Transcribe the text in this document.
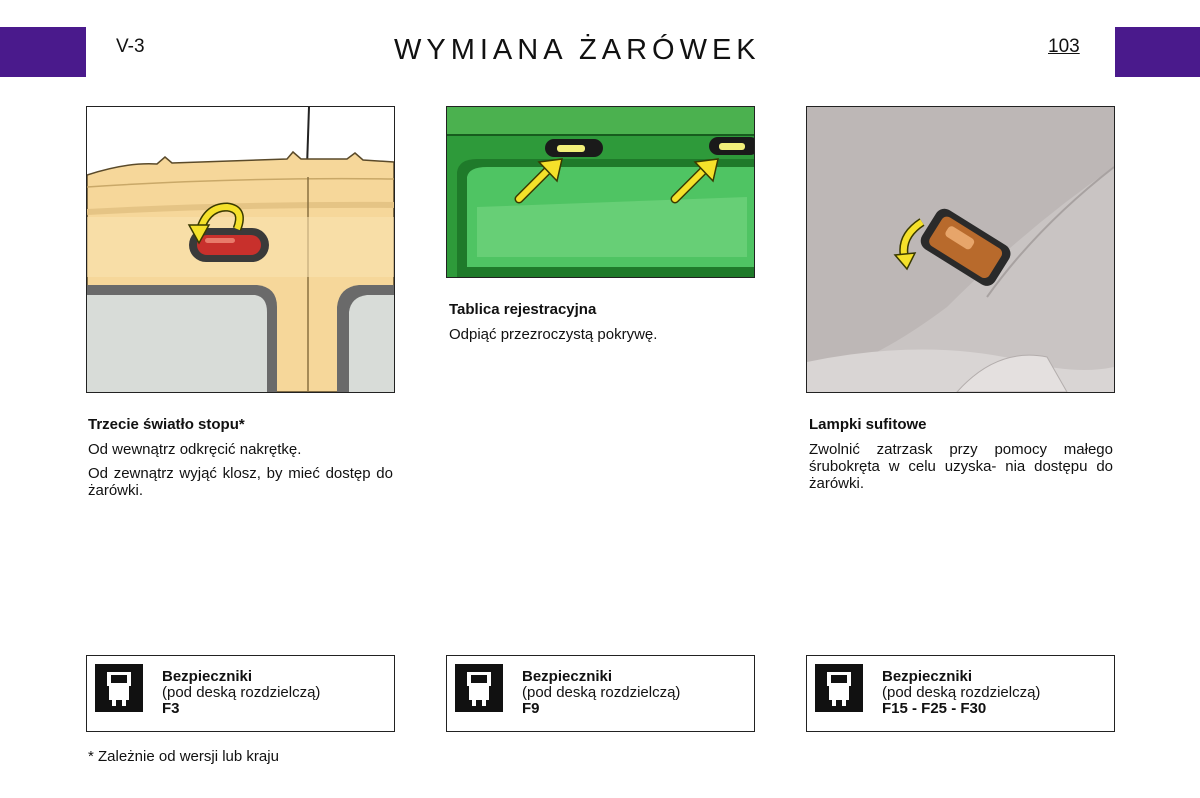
V-3	WYMIANA ŻARÓWEK	103
Trzecie światło stopu*
Od wewnątrz odkręcić nakrętkę.
Od zewnątrz wyjąć klosz, by mieć dostęp do żarówki.
Tablica rejestracyjna
Odpiąć przezroczystą pokrywę.
Lampki sufitowe
Zwolnić zatrzask przy pomocy małego śrubokręta w celu uzyska- nia dostępu do żarówki.
Bezpieczniki
(pod deską rozdzielczą)
F3
Bezpieczniki
(pod deską rozdzielczą)
F9
Bezpieczniki
(pod deską rozdzielczą)
F15 - F25 - F30
* Zależnie od wersji lub kraju
